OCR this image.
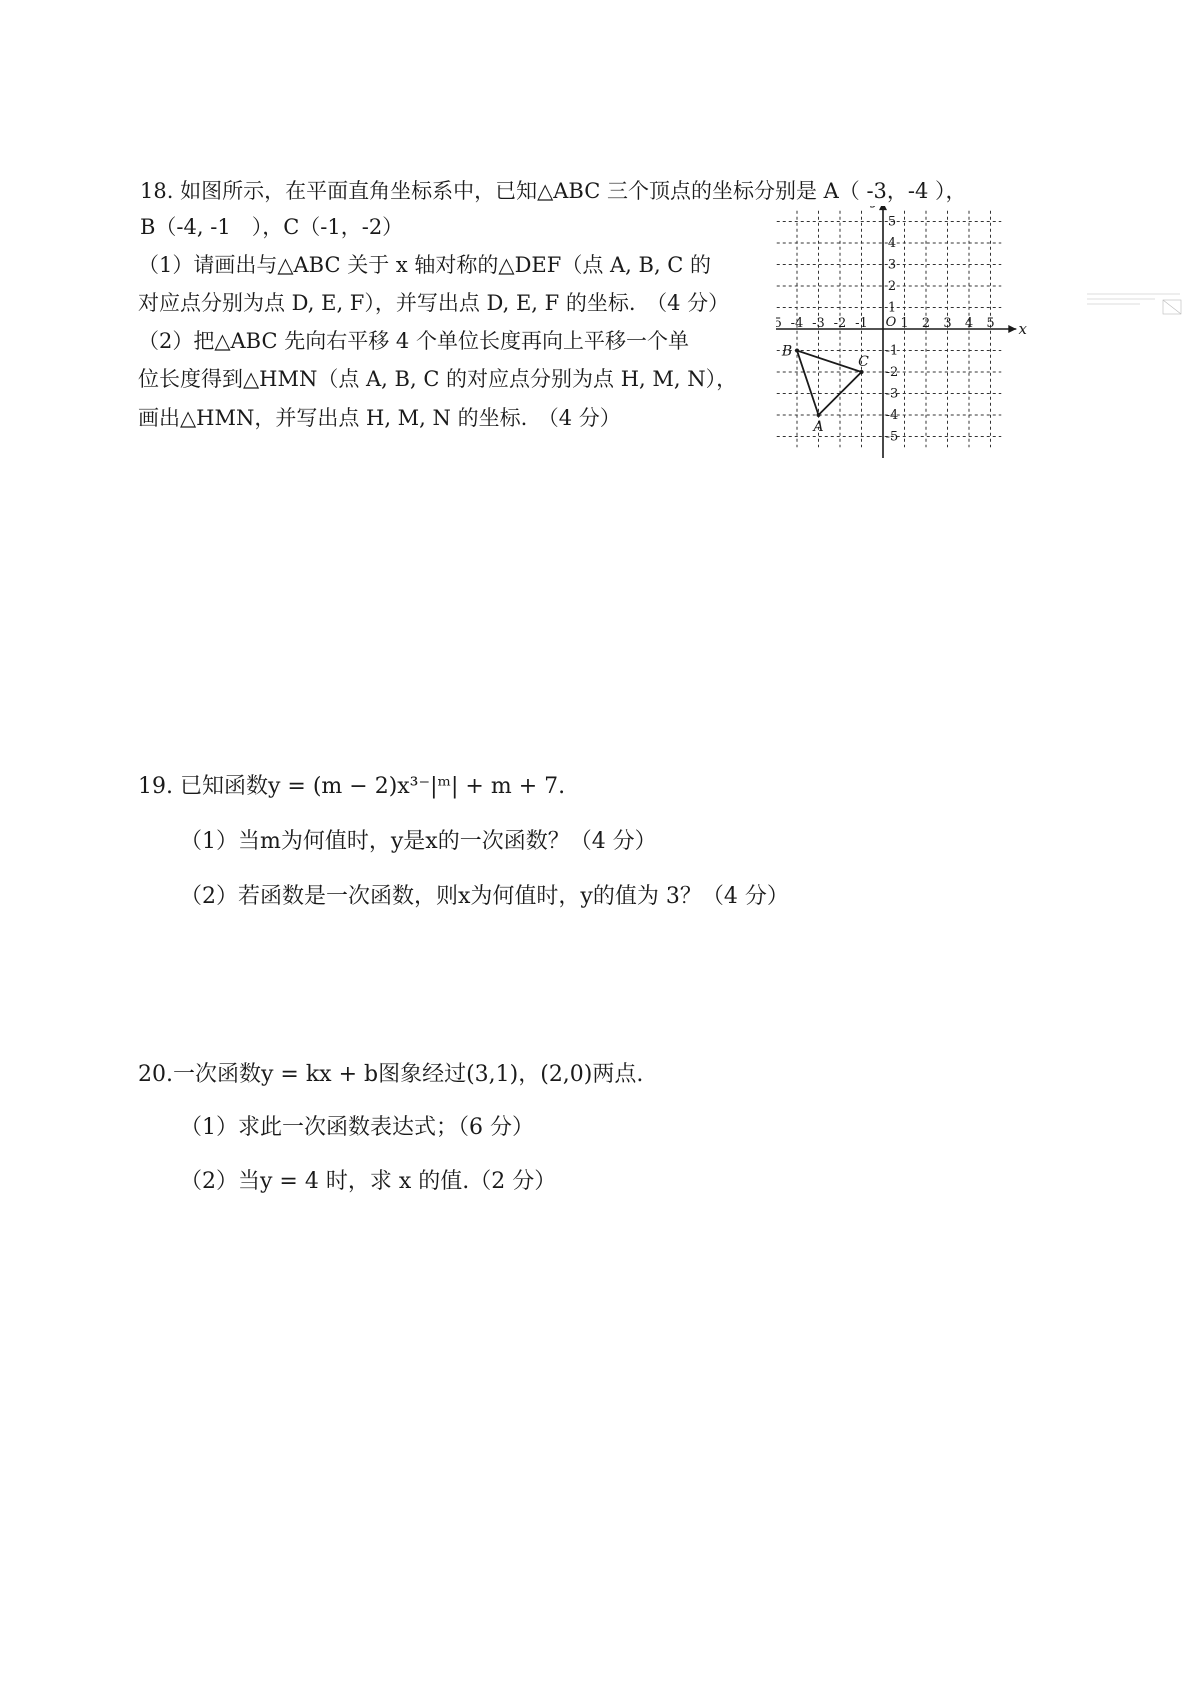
18. 如图所示，在平面直角坐标系中，已知△ABC 三个顶点的坐标分别是 A（ -3，-4 ），
B（-4, -1　），C（-1，-2）
（1）请画出与△ABC 关于 x 轴对称的△DEF（点 A, B, C 的
对应点分别为点 D, E, F），并写出点 D, E, F 的坐标.　（4 分）
（2）把△ABC 先向右平移 4 个单位长度再向上平移一个单
位长度得到△HMN（点 A, B, C 的对应点分别为点 H, M, N），
画出△HMN，并写出点 H, M, N 的坐标.　（4 分）
x
O
5 -4 -3 -2 -1	1 2 3 4 5
5
4
3
2
1
-1
-2
-3
-4
-5
A
B
C
19. 已知函数y = (m − 2)x³⁻|ᵐ| + m + 7.
（1）当m为何值时，y是x的一次函数？（4 分）
（2）若函数是一次函数，则x为何值时，y的值为 3？（4 分）
20.一次函数y = kx + b图象经过(3,1)，(2,0)两点.
（1）求此一次函数表达式；（6 分）
（2）当y = 4 时，求 x 的值.（2 分）
